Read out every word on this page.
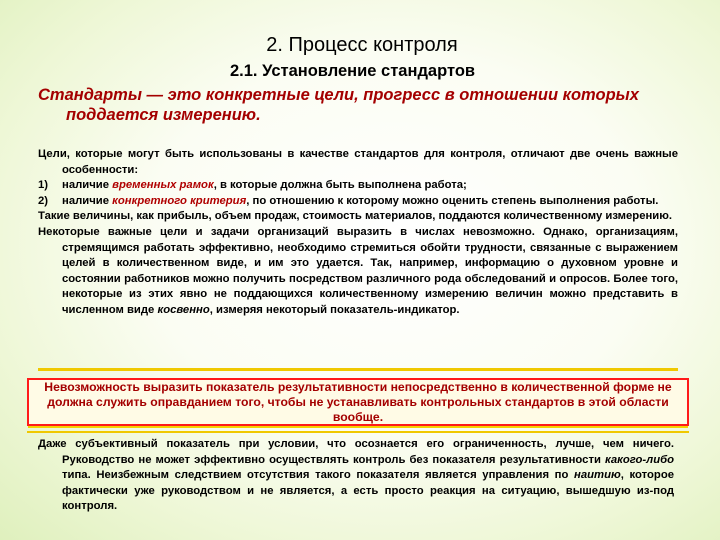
2. Процесс контроля
2.1. Установление стандартов
Стандарты — это конкретные цели, прогресс в отношении которых
поддается измерению.

Цели, которые могут быть использованы в качестве стандартов для контроля, отличают две очень важные особенности:

1) наличие временных рамок, в которые должна быть выполнена работа;

2) наличие конкретного критерия, по отношению к которому можно оценить степень выполнения работы.

Такие величины, как прибыль, объем продаж, стоимость материалов, поддаются количественному измерению.

Некоторые важные цели и задачи организаций выразить в числах невозможно. Однако, организациям, стремящимся работать эффективно, необходимо стремиться обойти трудности, связанные с выражением целей в количественном виде, и им это удается. Так, например, информацию о духовном уровне и состоянии работников можно получить посредством различного рода обследований и опросов. Более того, некоторые из этих явно не поддающихся количественному измерению величин можно представить в численном виде косвенно, измеряя некоторый показатель-индикатор.

Невозможность выразить показатель результативности непосредственно в количественной форме не должна служить оправданием того, чтобы не устанавливать контрольных стандартов в этой области вообще.
Даже субъективный показатель при условии, что осознается его ограниченность, лучше, чем ничего. Руководство не может эффективно осуществлять контроль без показателя результативности какого-либо типа. Неизбежным следствием отсутствия такого показателя является управления по наитию, которое фактически уже руководством и не является, а есть просто реакция на ситуацию, вышедшую из-под контроля.
